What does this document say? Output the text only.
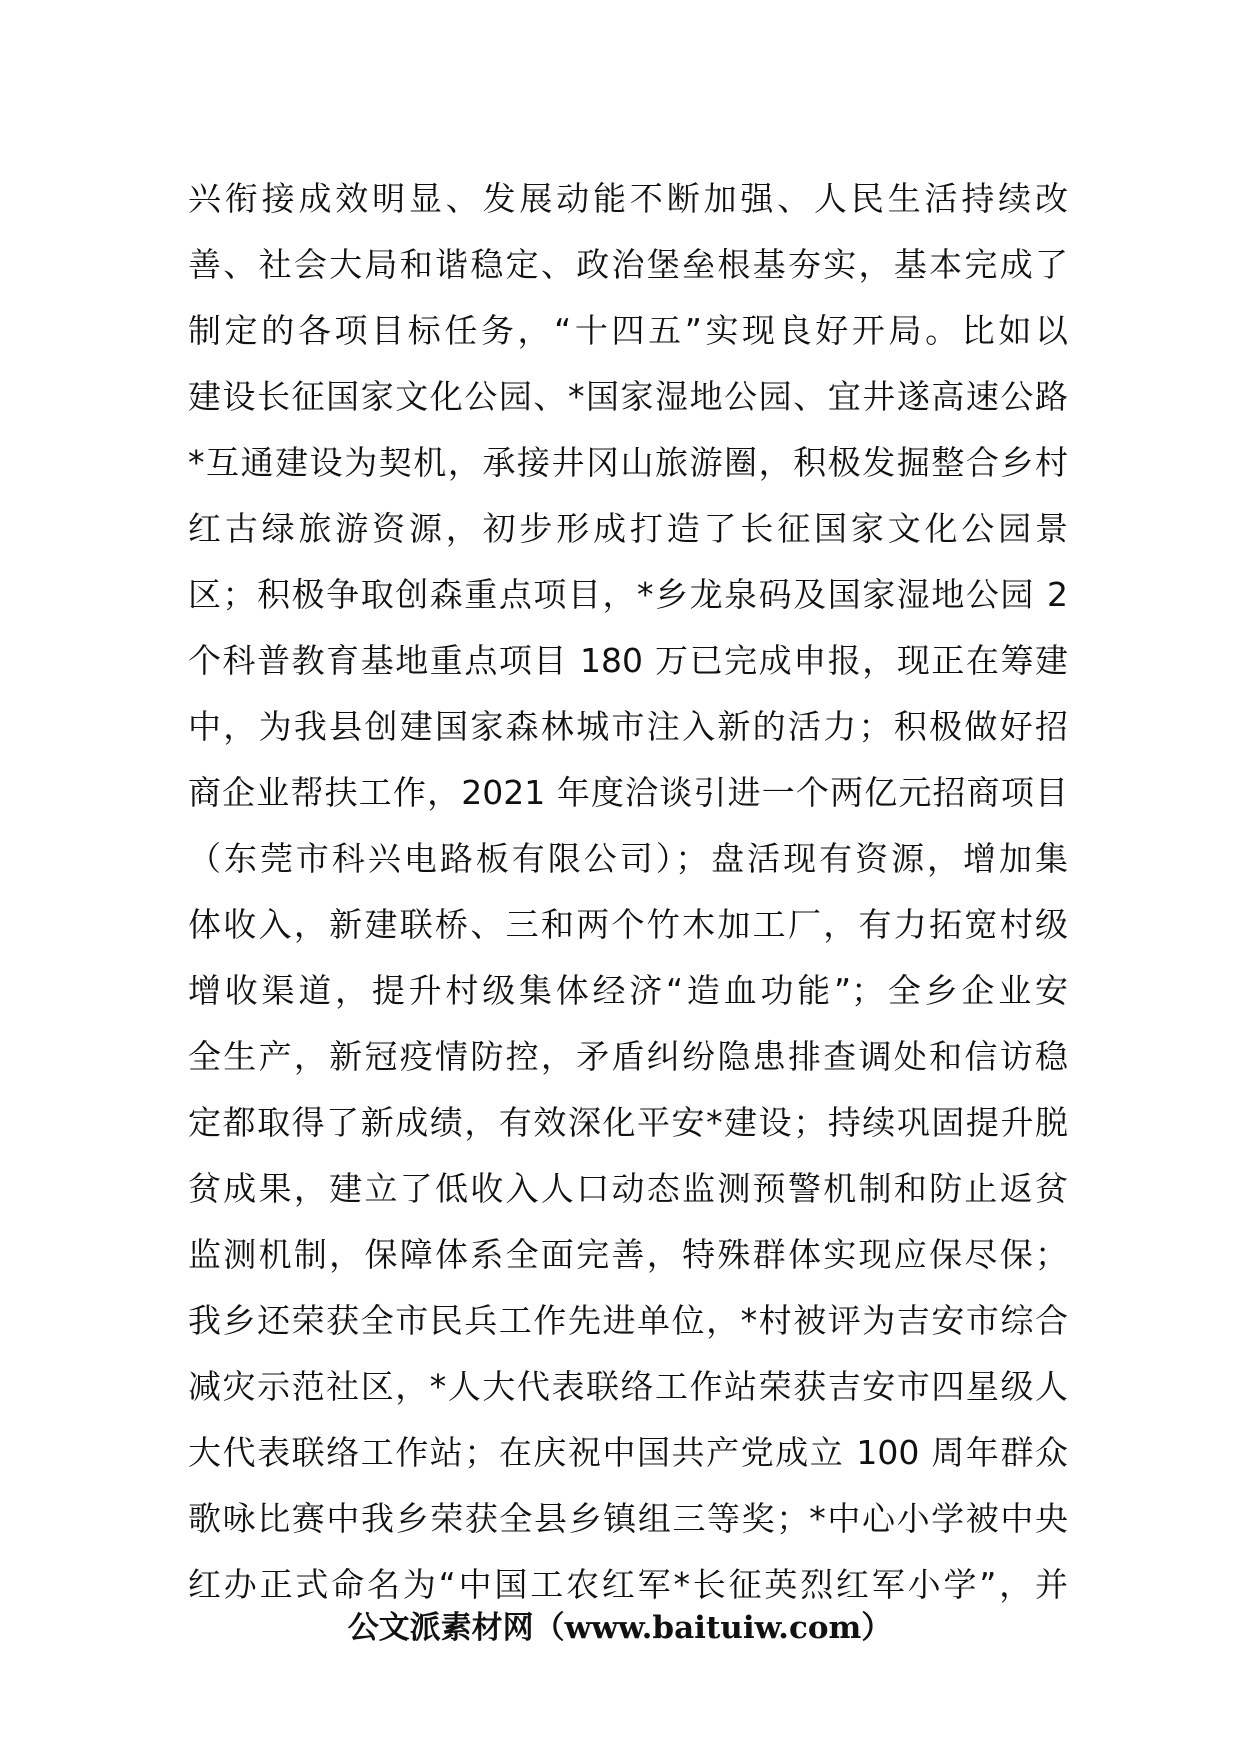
兴衔接成效明显、发展动能不断加强、人民生活持续改
善、社会大局和谐稳定、政治堡垒根基夯实，基本完成了
制定的各项目标任务，“十四五”实现良好开局。比如以
建设长征国家文化公园、*国家湿地公园、宜井遂高速公路
*互通建设为契机，承接井冈山旅游圈，积极发掘整合乡村
红古绿旅游资源，初步形成打造了长征国家文化公园景
区；积极争取创森重点项目，*乡龙泉码及国家湿地公园 2
个科普教育基地重点项目 180 万已完成申报，现正在筹建
中，为我县创建国家森林城市注入新的活力；积极做好招
商企业帮扶工作，2021 年度洽谈引进一个两亿元招商项目
（东莞市科兴电路板有限公司）；盘活现有资源，增加集
体收入，新建联桥、三和两个竹木加工厂，有力拓宽村级
增收渠道，提升村级集体经济“造血功能”；全乡企业安
全生产，新冠疫情防控，矛盾纠纷隐患排查调处和信访稳
定都取得了新成绩，有效深化平安*建设；持续巩固提升脱
贫成果，建立了低收入人口动态监测预警机制和防止返贫
监测机制，保障体系全面完善，特殊群体实现应保尽保；
我乡还荣获全市民兵工作先进单位，*村被评为吉安市综合
减灾示范社区，*人大代表联络工作站荣获吉安市四星级人
大代表联络工作站；在庆祝中国共产党成立 100 周年群众
歌咏比赛中我乡荣获全县乡镇组三等奖；*中心小学被中央
红办正式命名为“中国工农红军*长征英烈红军小学”，并
公文派素材网（www.baituiw.com）
